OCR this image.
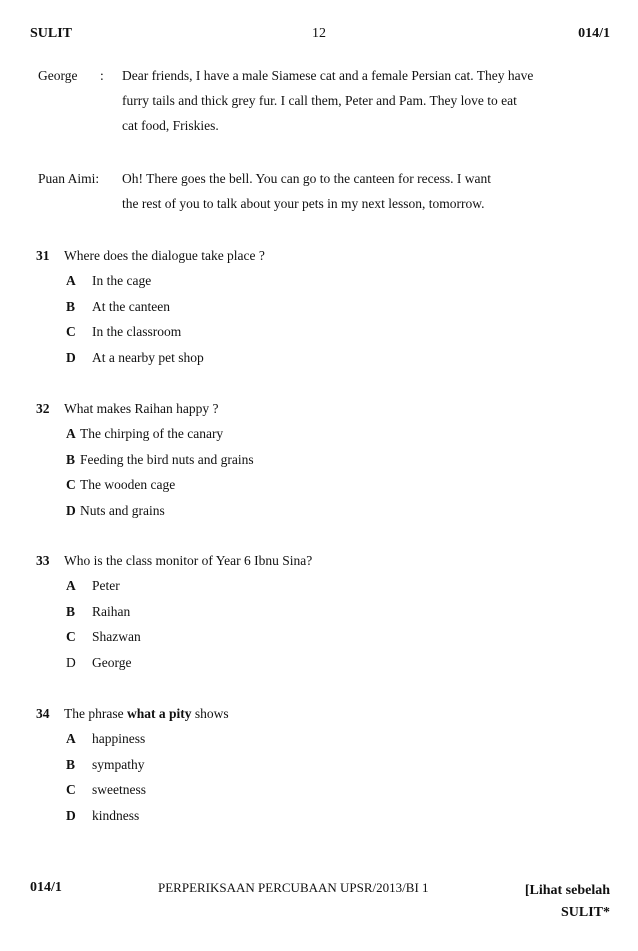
SULIT	12	014/1
George : Dear friends, I have a male Siamese cat and a female Persian cat. They have
furry tails and thick grey fur. I call them, Peter and Pam. They love to eat
cat food, Friskies.
Puan Aimi: Oh! There goes the bell. You can go to the canteen for recess. I want
the rest of you to talk about your pets in my next lesson, tomorrow.
31 Where does the dialogue take place ?
A In the cage
B At the canteen
C In the classroom
D At a nearby pet shop
32 What makes Raihan happy ?
A The chirping of the canary
B Feeding the bird nuts and grains
C The wooden cage
D Nuts and grains
33 Who is the class monitor of Year 6 Ibnu Sina?
A Peter
B Raihan
C Shazwan
D George
34 The phrase what a pity shows
A happiness
B sympathy
C sweetness
D kindness
014/1	PERPERIKSAAN PERCUBAAN UPSR/2013/BI 1	[Lihat sebelah
SULIT*
